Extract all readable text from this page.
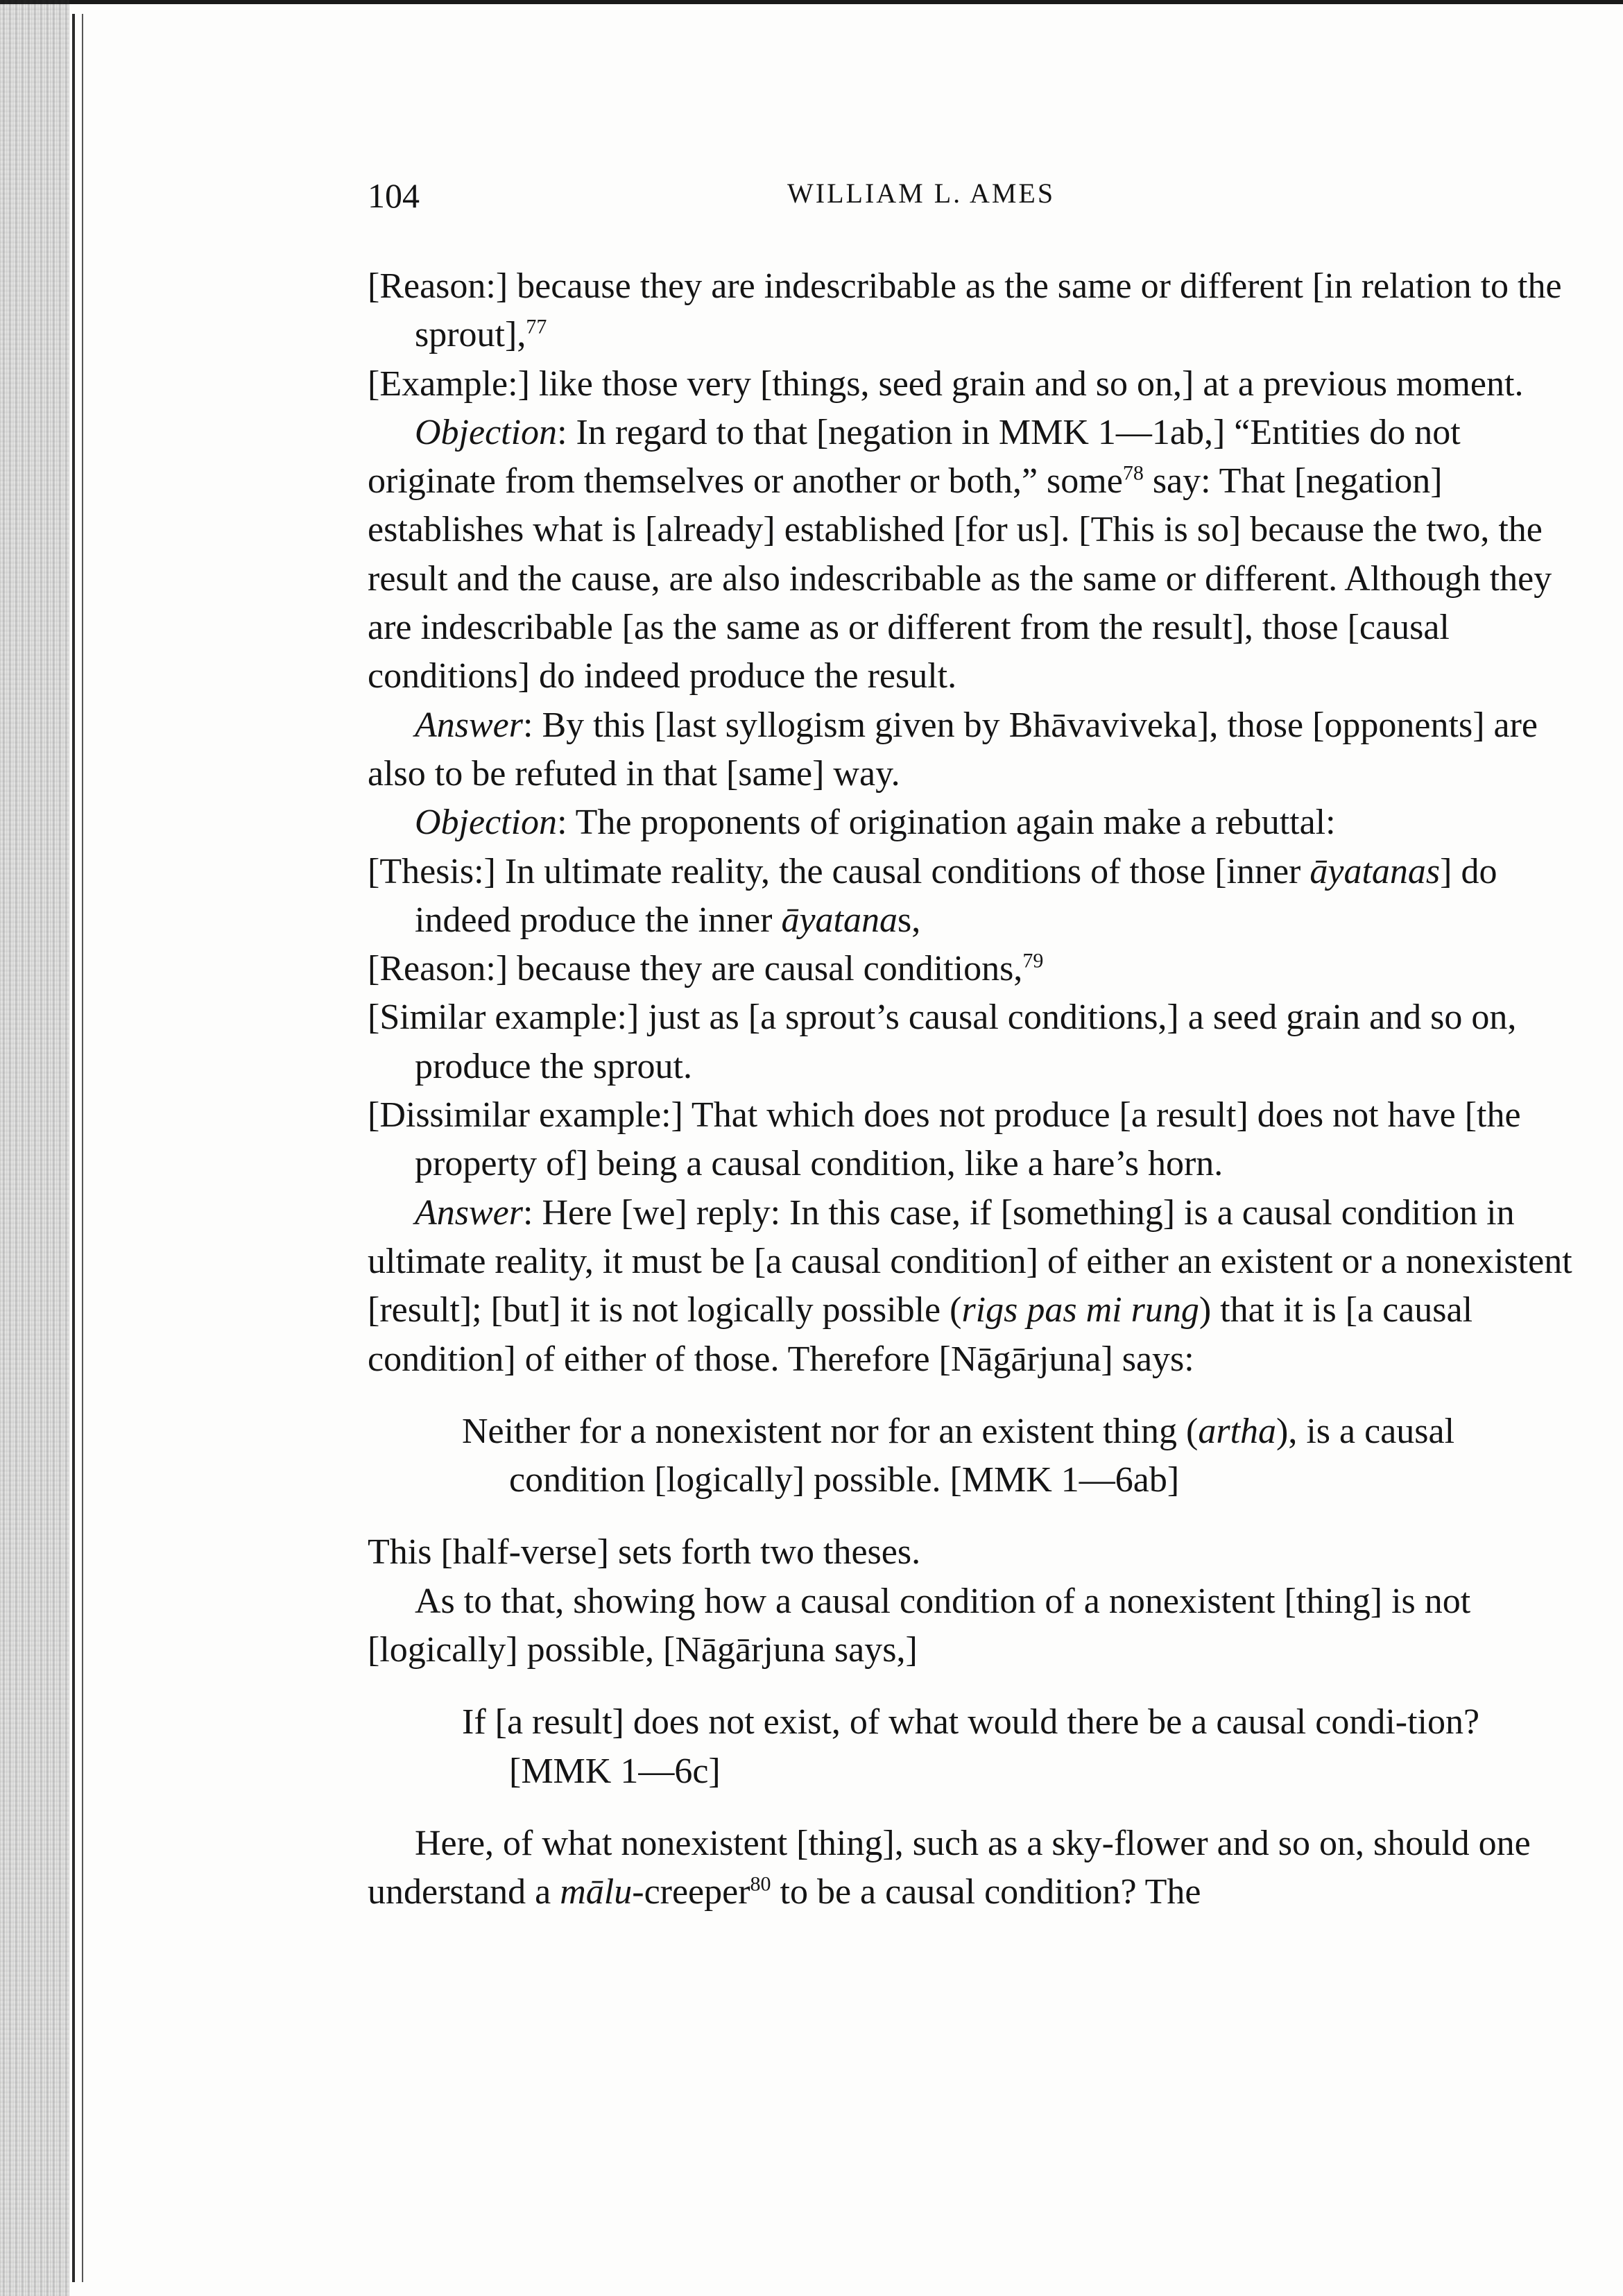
104	WILLIAM L. AMES

[Reason:] because they are indescribable as the same or different [in relation to the sprout],$^{77}$

[Example:] like those very [things, seed grain and so on,] at a previous moment.

Objection: In regard to that [negation in MMK 1—1ab,] “Entities do not originate from themselves or another or both,” some$^{78}$ say: That [negation] establishes what is [already] established [for us]. [This is so] because the two, the result and the cause, are also indescribable as the same or different. Although they are indescribable [as the same as or different from the result], those [causal conditions] do indeed produce the result.

Answer: By this [last syllogism given by Bhāvaviveka], those [opponents] are also to be refuted in that [same] way.

Objection: The proponents of origination again make a rebuttal:

[Thesis:] In ultimate reality, the causal conditions of those [inner āyatanas] do indeed produce the inner āyatanas,

[Reason:] because they are causal conditions,$^{79}$

[Similar example:] just as [a sprout’s causal conditions,] a seed grain and so on, produce the sprout.

[Dissimilar example:] That which does not produce [a result] does not have [the property of] being a causal condition, like a hare’s horn.

Answer: Here [we] reply: In this case, if [something] is a causal condition in ultimate reality, it must be [a causal condition] of either an existent or a nonexistent [result]; [but] it is not logically possible (rigs pas mi rung) that it is [a causal condition] of either of those. Therefore [Nāgārjuna] says:

Neither for a nonexistent nor for an existent thing (artha), is a causal condition [logically] possible. [MMK 1—6ab]

This [half-verse] sets forth two theses.

As to that, showing how a causal condition of a nonexistent [thing] is not [logically] possible, [Nāgārjuna says,]

If [a result] does not exist, of what would there be a causal condi-tion? [MMK 1—6c]

Here, of what nonexistent [thing], such as a sky-flower and so on, should one understand a mālu-creeper$^{80}$ to be a causal condition? The
